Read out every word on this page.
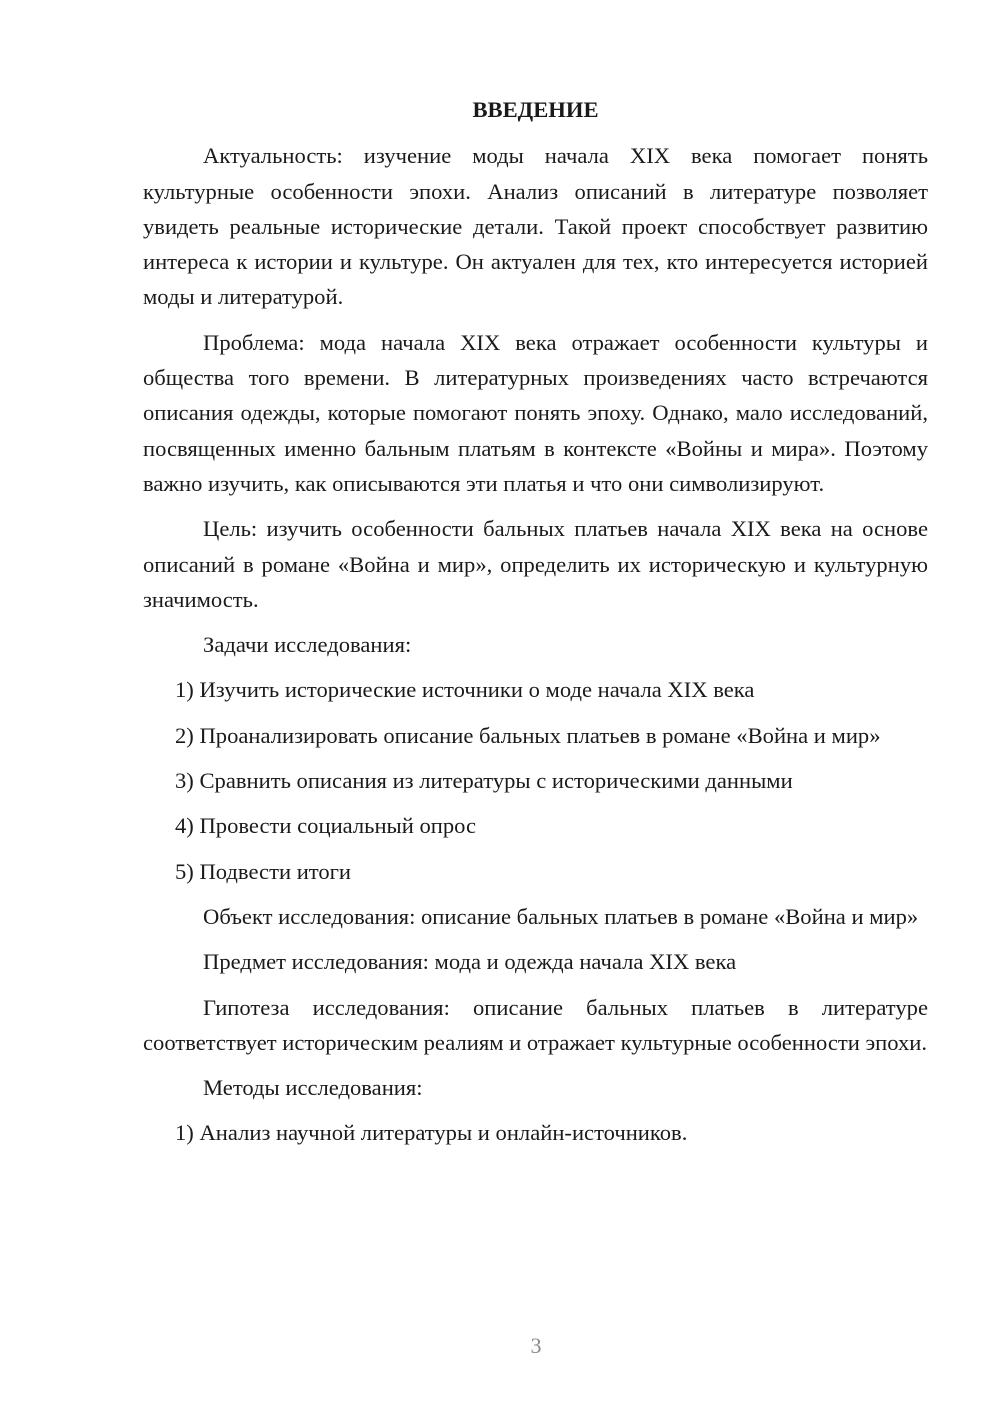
ВВЕДЕНИЕ

Актуальность: изучение моды начала XIX века помогает понять культурные особенности эпохи. Анализ описаний в литературе позволяет увидеть реальные исторические детали. Такой проект способствует развитию интереса к истории и культуре. Он актуален для тех, кто интересуется историей моды и литературой.

Проблема: мода начала XIX века отражает особенности культуры и общества того времени. В литературных произведениях часто встречаются описания одежды, которые помогают понять эпоху. Однако, мало исследований, посвященных именно бальным платьям в контексте «Войны и мира». Поэтому важно изучить, как описываются эти платья и что они символизируют.

Цель: изучить особенности бальных платьев начала XIX века на основе описаний в романе «Война и мир», определить их историческую и культурную значимость.

Задачи исследования:

1) Изучить исторические источники о моде начала XIX века

2) Проанализировать описание бальных платьев в романе «Война и мир»

3) Сравнить описания из литературы с историческими данными

4) Провести социальный опрос

5) Подвести итоги

Объект исследования: описание бальных платьев в романе «Война и мир»

Предмет исследования: мода и одежда начала XIX века

Гипотеза исследования: описание бальных платьев в литературе соответствует историческим реалиям и отражает культурные особенности эпохи.

Методы исследования:

1) Анализ научной литературы и онлайн-источников.

3
